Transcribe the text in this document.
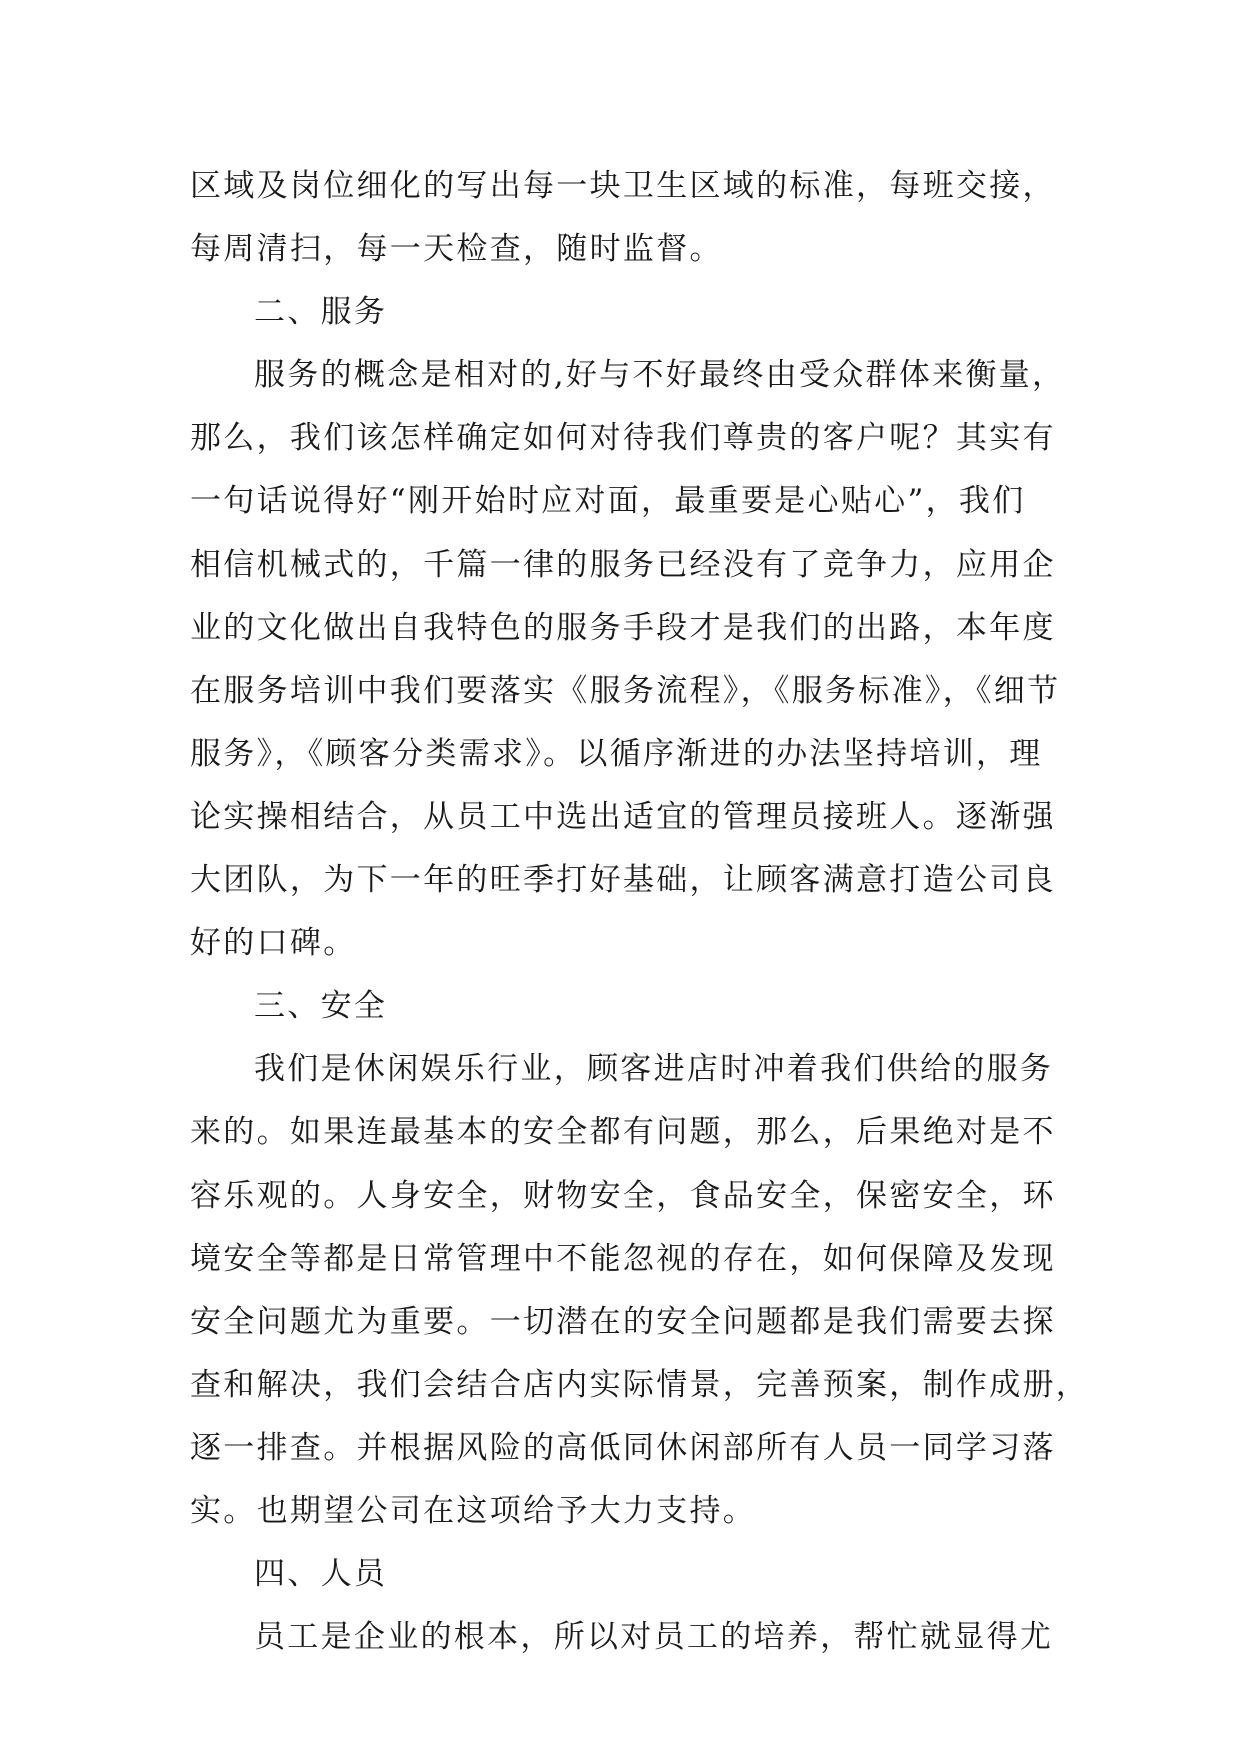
区域及岗位细化的写出每一块卫生区域的标准，每班交接，
每周清扫，每一天检查，随时监督。
二、服务
服务的概念是相对的,好与不好最终由受众群体来衡量，
那么，我们该怎样确定如何对待我们尊贵的客户呢？其实有
一句话说得好“刚开始时应对面，最重要是心贴心”，我们
相信机械式的，千篇一律的服务已经没有了竞争力，应用企
业的文化做出自我特色的服务手段才是我们的出路，本年度
在服务培训中我们要落实《服务流程》，《服务标准》，《细节
服务》，《顾客分类需求》。以循序渐进的办法坚持培训，理
论实操相结合，从员工中选出适宜的管理员接班人。逐渐强
大团队，为下一年的旺季打好基础，让顾客满意打造公司良
好的口碑。
三、安全
我们是休闲娱乐行业，顾客进店时冲着我们供给的服务
来的。如果连最基本的安全都有问题，那么，后果绝对是不
容乐观的。人身安全，财物安全，食品安全，保密安全，环
境安全等都是日常管理中不能忽视的存在，如何保障及发现
安全问题尤为重要。一切潜在的安全问题都是我们需要去探
查和解决，我们会结合店内实际情景，完善预案，制作成册，
逐一排查。并根据风险的高低同休闲部所有人员一同学习落
实。也期望公司在这项给予大力支持。
四、人员
员工是企业的根本，所以对员工的培养，帮忙就显得尤
